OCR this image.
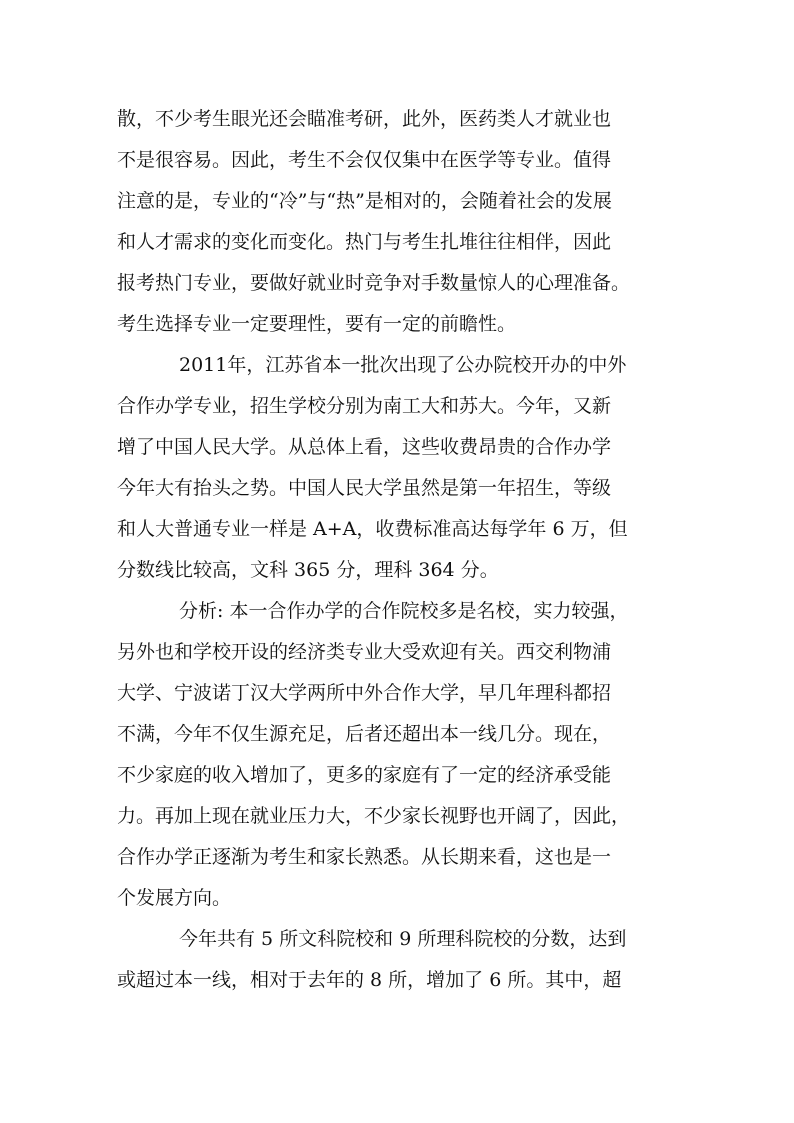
散，不少考生眼光还会瞄准考研，此外，医药类人才就业也
不是很容易。因此，考生不会仅仅集中在医学等专业。值得
注意的是，专业的“冷”与“热”是相对的，会随着社会的发展
和人才需求的变化而变化。热门与考生扎堆往往相伴，因此
报考热门专业，要做好就业时竞争对手数量惊人的心理准备。
考生选择专业一定要理性，要有一定的前瞻性。
2011年，江苏省本一批次出现了公办院校开办的中外
合作办学专业，招生学校分别为南工大和苏大。今年，又新
增了中国人民大学。从总体上看，这些收费昂贵的合作办学
今年大有抬头之势。中国人民大学虽然是第一年招生，等级
和人大普通专业一样是 A+A，收费标准高达每学年 6 万，但
分数线比较高，文科 365 分，理科 364 分。
分析: 本一合作办学的合作院校多是名校，实力较强，
另外也和学校开设的经济类专业大受欢迎有关。西交利物浦
大学、宁波诺丁汉大学两所中外合作大学，早几年理科都招
不满，今年不仅生源充足，后者还超出本一线几分。现在，
不少家庭的收入增加了，更多的家庭有了一定的经济承受能
力。再加上现在就业压力大，不少家长视野也开阔了，因此，
合作办学正逐渐为考生和家长熟悉。从长期来看，这也是一
个发展方向。
今年共有 5 所文科院校和 9 所理科院校的分数，达到
或超过本一线，相对于去年的 8 所，增加了 6 所。其中，超
